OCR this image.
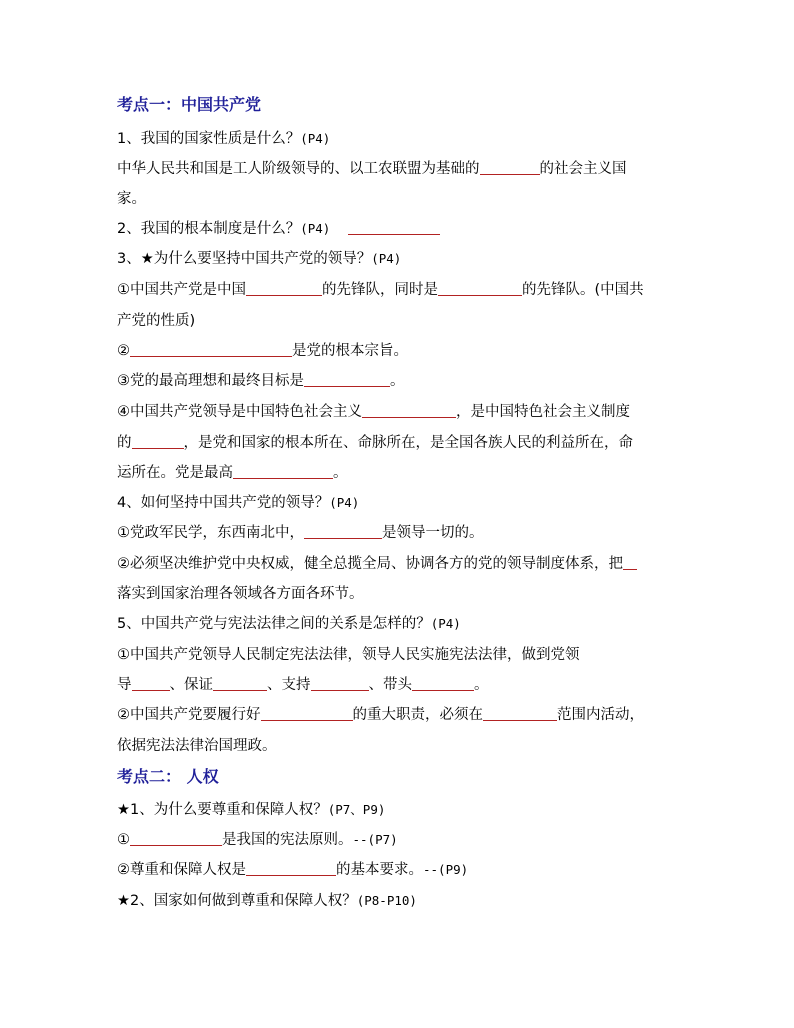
考点一：中国共产党
1、我国的国家性质是什么？(P4)
中华人民共和国是工人阶级领导的、以工农联盟为基础的	的社会主义国
家。
2、我国的根本制度是什么？(P4)
3、★为什么要坚持中国共产党的领导？(P4)
①中国共产党是中国	的先锋队，同时是	的先锋队。(中国共
产党的性质)
②	是党的根本宗旨。
③党的最高理想和最终目标是	。
④中国共产党领导是中国特色社会主义	，是中国特色社会主义制度
的	，是党和国家的根本所在、命脉所在，是全国各族人民的利益所在，命
运所在。党是最高	。
4、如何坚持中国共产党的领导？(P4)
①党政军民学，东西南北中，	是领导一切的。
②必须坚决维护党中央权威，健全总揽全局、协调各方的党的领导制度体系，把
落实到国家治理各领域各方面各环节。
5、中国共产党与宪法法律之间的关系是怎样的？(P4)
①中国共产党领导人民制定宪法法律，领导人民实施宪法法律，做到党领
导	、保证	、支持	、带头	。
②中国共产党要履行好	的重大职责，必须在	范围内活动，
依据宪法法律治国理政。
考点二： 人权
★1、为什么要尊重和保障人权？(P7、P9)
①	是我国的宪法原则。--(P7)
②尊重和保障人权是	的基本要求。--(P9)
★2、国家如何做到尊重和保障人权？(P8-P10)
